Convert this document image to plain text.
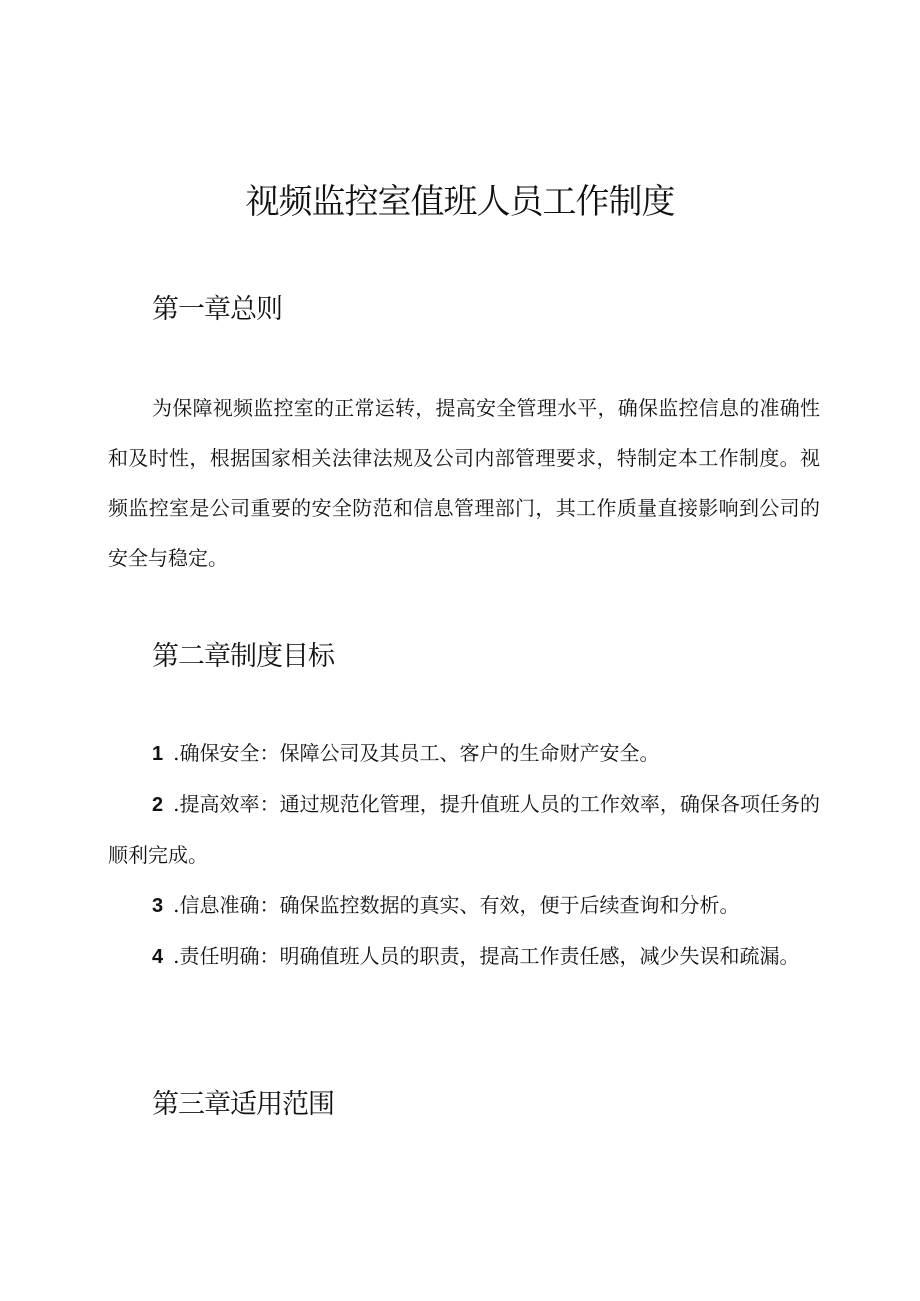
视频监控室值班人员工作制度
第一章总则

为保障视频监控室的正常运转，提高安全管理水平，确保监控信息的准确性和及时性，根据国家相关法律法规及公司内部管理要求，特制定本工作制度。视频监控室是公司重要的安全防范和信息管理部门，其工作质量直接影响到公司的安全与稳定。

第二章制度目标
1 .确保安全：保障公司及其员工、客户的生命财产安全。
2 .提高效率：通过规范化管理，提升值班人员的工作效率，确保各项任务的顺利完成。
3 .信息准确：确保监控数据的真实、有效，便于后续查询和分析。
4 .责任明确：明确值班人员的职责，提高工作责任感，减少失误和疏漏。
第三章适用范围
